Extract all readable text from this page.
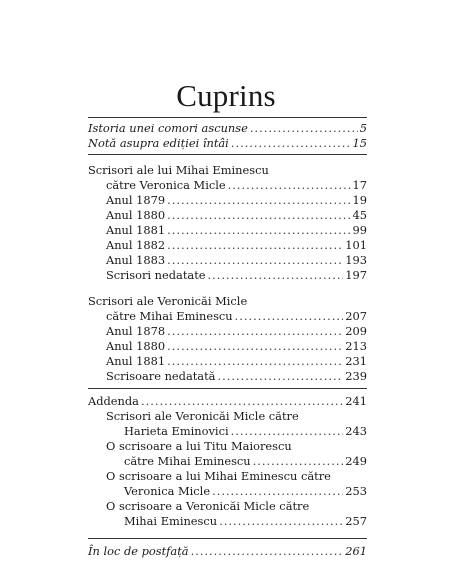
Cuprins
Istoria unei comori ascunse .....	5
Notă asupra ediției întâi .....	15
Scrisori ale lui Mihai Eminescu
către Veronica Micle .....	17
Anul 1879 .....	19
Anul 1880 .....	45
Anul 1881 .....	99
Anul 1882 .....	101
Anul 1883 .....	193
Scrisori nedatate .....	197
Scrisori ale Veronicăi Micle
către Mihai Eminescu .....	207
Anul 1878 .....	209
Anul 1880 .....	213
Anul 1881 .....	231
Scrisoare nedatată .....	239
Addenda .....	241
Scrisori ale Veronicăi Micle către
Harieta Eminovici .....	243
O scrisoare a lui Titu Maiorescu
către Mihai Eminescu .....	249
O scrisoare a lui Mihai Eminescu către
Veronica Micle .....	253
O scrisoare a Veronicăi Micle către
Mihai Eminescu .....	257
În loc de postfață .....	261
